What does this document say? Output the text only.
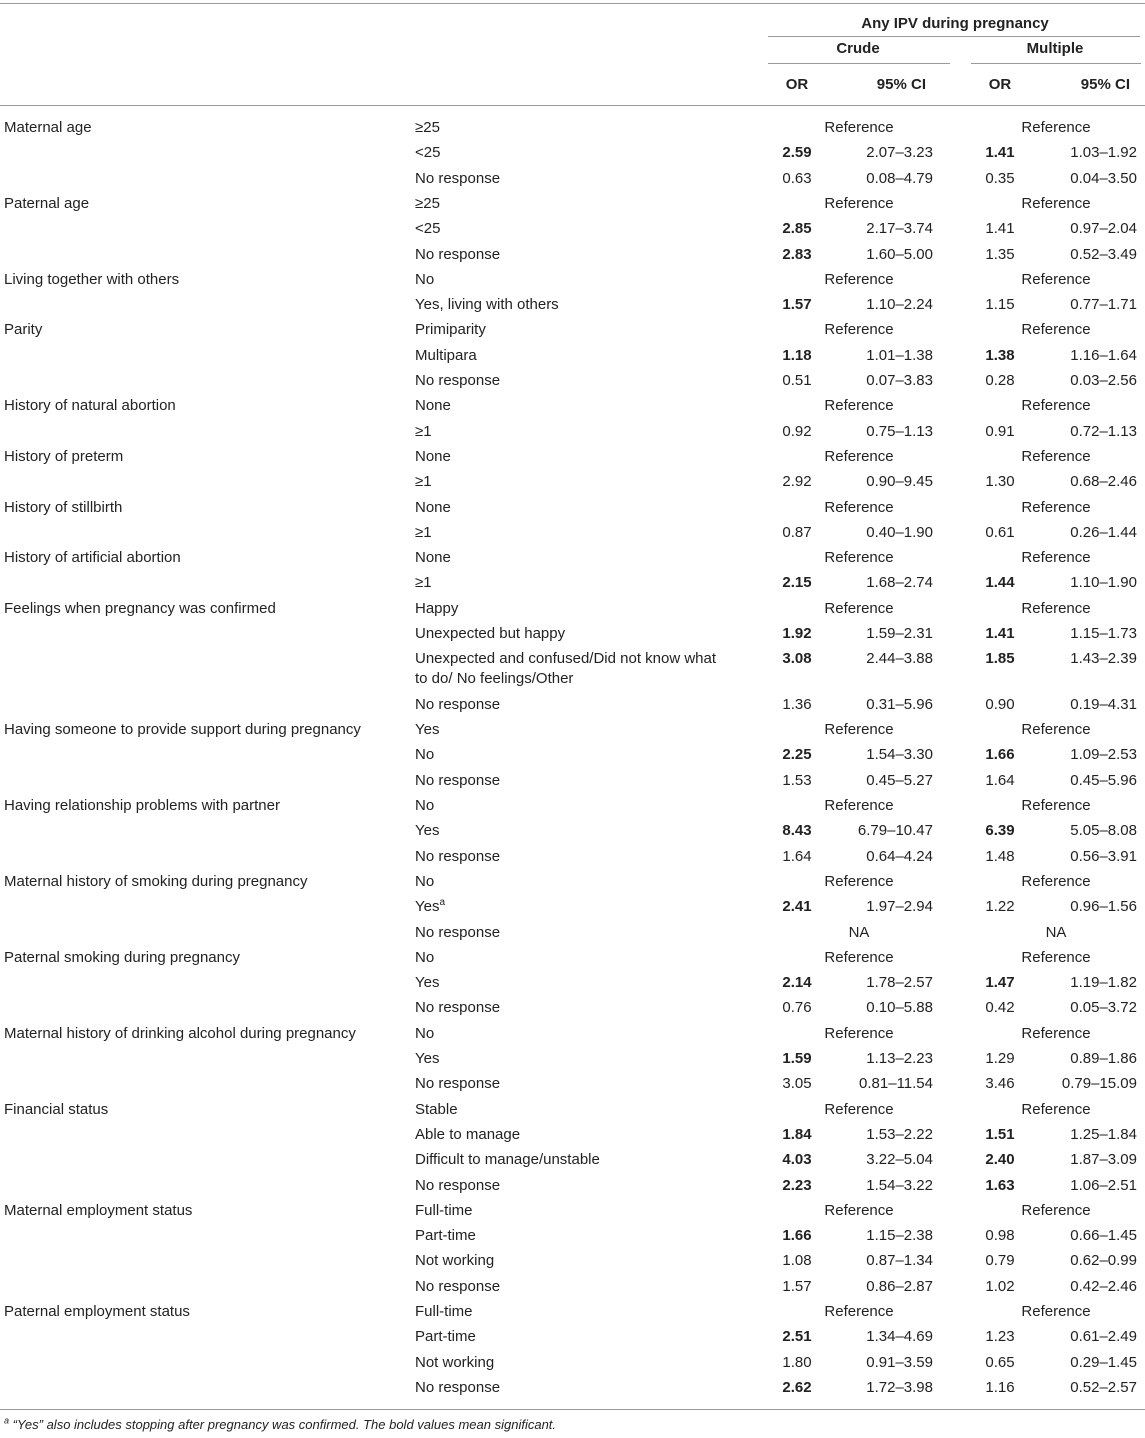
Any IPV during pregnancy
Crude	Multiple
OR	95% CI	OR	95% CI
Maternal age	≥25	Reference	Reference
<25	2.59	2.07–3.23	1.41	1.03–1.92
No response	0.63	0.08–4.79	0.35	0.04–3.50
Paternal age	≥25	Reference	Reference
<25	2.85	2.17–3.74	1.41	0.97–2.04
No response	2.83	1.60–5.00	1.35	0.52–3.49
Living together with others	No	Reference	Reference
Yes, living with others	1.57	1.10–2.24	1.15	0.77–1.71
Parity	Primiparity	Reference	Reference
Multipara	1.18	1.01–1.38	1.38	1.16–1.64
No response	0.51	0.07–3.83	0.28	0.03–2.56
History of natural abortion	None	Reference	Reference
≥1	0.92	0.75–1.13	0.91	0.72–1.13
History of preterm	None	Reference	Reference
≥1	2.92	0.90–9.45	1.30	0.68–2.46
History of stillbirth	None	Reference	Reference
≥1	0.87	0.40–1.90	0.61	0.26–1.44
History of artificial abortion	None	Reference	Reference
≥1	2.15	1.68–2.74	1.44	1.10–1.90
Feelings when pregnancy was confirmed	Happy	Reference	Reference
Unexpected but happy	1.92	1.59–2.31	1.41	1.15–1.73
Unexpected and confused/Did not know what
to do/ No feelings/Other
3.08	2.44–3.88	1.85	1.43–2.39
No response	1.36	0.31–5.96	0.90	0.19–4.31
Having someone to provide support during pregnancy	Yes	Reference	Reference
No	2.25	1.54–3.30	1.66	1.09–2.53
No response	1.53	0.45–5.27	1.64	0.45–5.96
Having relationship problems with partner	No	Reference	Reference
Yes	8.43	6.79–10.47	6.39	5.05–8.08
No response	1.64	0.64–4.24	1.48	0.56–3.91
Maternal history of smoking during pregnancy	No	Reference	Reference
Yes$^a$	2.41	1.97–2.94	1.22	0.96–1.56
No response	NA	NA
Paternal smoking during pregnancy	No	Reference	Reference
Yes	2.14	1.78–2.57	1.47	1.19–1.82
No response	0.76	0.10–5.88	0.42	0.05–3.72
Maternal history of drinking alcohol during pregnancy	No	Reference	Reference
Yes	1.59	1.13–2.23	1.29	0.89–1.86
No response	3.05	0.81–11.54	3.46	0.79–15.09
Financial status	Stable	Reference	Reference
Able to manage	1.84	1.53–2.22	1.51	1.25–1.84
Difficult to manage/unstable	4.03	3.22–5.04	2.40	1.87–3.09
No response	2.23	1.54–3.22	1.63	1.06–2.51
Maternal employment status	Full-time	Reference	Reference
Part-time	1.66	1.15–2.38	0.98	0.66–1.45
Not working	1.08	0.87–1.34	0.79	0.62–0.99
No response	1.57	0.86–2.87	1.02	0.42–2.46
Paternal employment status	Full-time	Reference	Reference
Part-time	2.51	1.34–4.69	1.23	0.61–2.49
Not working	1.80	0.91–3.59	0.65	0.29–1.45
No response	2.62	1.72–3.98	1.16	0.52–2.57
$^a$ “Yes” also includes stopping after pregnancy was confirmed. The bold values mean significant.
